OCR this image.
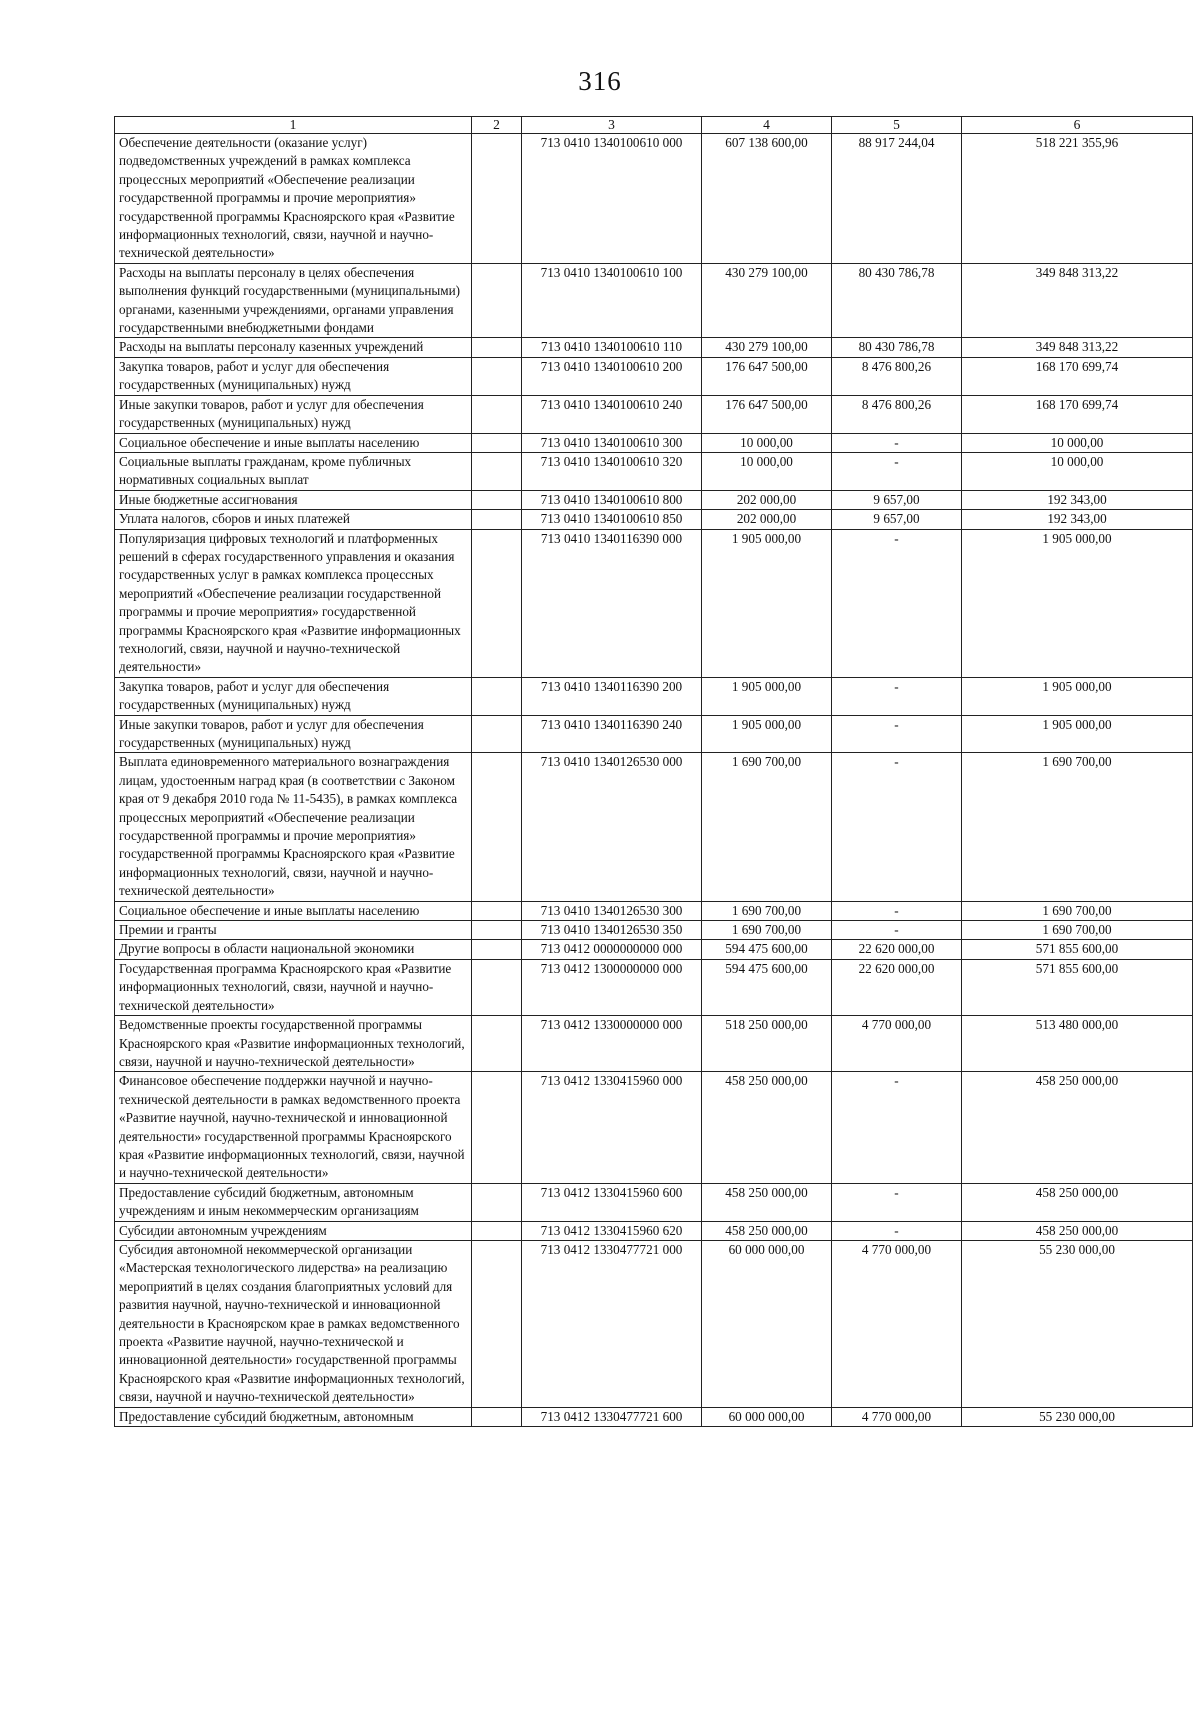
316
1	2	3	4	5	6
Обеспечение деятельности (оказание услуг) подведомственных учреждений в рамках комплекса процессных мероприятий «Обеспечение реализации государственной программы и прочие мероприятия» государственной программы Красноярского края «Развитие информационных технологий, связи, научной и научно-технической деятельности»		713 0410 1340100610 000	607 138 600,00	88 917 244,04	518 221 355,96
Расходы на выплаты персоналу в целях обеспечения выполнения функций государственными (муниципальными) органами, казенными учреждениями, органами управления государственными внебюджетными фондами		713 0410 1340100610 100	430 279 100,00	80 430 786,78	349 848 313,22
Расходы на выплаты персоналу казенных учреждений		713 0410 1340100610 110	430 279 100,00	80 430 786,78	349 848 313,22
Закупка товаров, работ и услуг для обеспечения государственных (муниципальных) нужд		713 0410 1340100610 200	176 647 500,00	8 476 800,26	168 170 699,74
Иные закупки товаров, работ и услуг для обеспечения государственных (муниципальных) нужд		713 0410 1340100610 240	176 647 500,00	8 476 800,26	168 170 699,74
Социальное обеспечение и иные выплаты населению		713 0410 1340100610 300	10 000,00	-	10 000,00
Социальные выплаты гражданам, кроме публичных нормативных социальных выплат		713 0410 1340100610 320	10 000,00	-	10 000,00
Иные бюджетные ассигнования		713 0410 1340100610 800	202 000,00	9 657,00	192 343,00
Уплата налогов, сборов и иных платежей		713 0410 1340100610 850	202 000,00	9 657,00	192 343,00
Популяризация цифровых технологий и платформенных решений в сферах государственного управления и оказания государственных услуг в рамках комплекса процессных мероприятий «Обеспечение реализации государственной программы и прочие мероприятия» государственной программы Красноярского края «Развитие информационных технологий, связи, научной и научно-технической деятельности»		713 0410 1340116390 000	1 905 000,00	-	1 905 000,00
Закупка товаров, работ и услуг для обеспечения государственных (муниципальных) нужд		713 0410 1340116390 200	1 905 000,00	-	1 905 000,00
Иные закупки товаров, работ и услуг для обеспечения государственных (муниципальных) нужд		713 0410 1340116390 240	1 905 000,00	-	1 905 000,00
Выплата единовременного материального вознаграждения лицам, удостоенным наград края (в соответствии с Законом края от 9 декабря 2010 года № 11-5435), в рамках комплекса процессных мероприятий «Обеспечение реализации государственной программы и прочие мероприятия» государственной программы Красноярского края «Развитие информационных технологий, связи, научной и научно-технической деятельности»		713 0410 1340126530 000	1 690 700,00	-	1 690 700,00
Социальное обеспечение и иные выплаты населению		713 0410 1340126530 300	1 690 700,00	-	1 690 700,00
Премии и гранты		713 0410 1340126530 350	1 690 700,00	-	1 690 700,00
Другие вопросы в области национальной экономики		713 0412 0000000000 000	594 475 600,00	22 620 000,00	571 855 600,00
Государственная программа Красноярского края «Развитие информационных технологий, связи, научной и научно-технической деятельности»		713 0412 1300000000 000	594 475 600,00	22 620 000,00	571 855 600,00
Ведомственные проекты государственной программы Красноярского края «Развитие информационных технологий, связи, научной и научно-технической деятельности»		713 0412 1330000000 000	518 250 000,00	4 770 000,00	513 480 000,00
Финансовое обеспечение поддержки научной и научно-технической деятельности в рамках ведомственного проекта «Развитие научной, научно-технической и инновационной деятельности» государственной программы Красноярского края «Развитие информационных технологий, связи, научной и научно-технической деятельности»		713 0412 1330415960 000	458 250 000,00	-	458 250 000,00
Предоставление субсидий бюджетным, автономным учреждениям и иным некоммерческим организациям		713 0412 1330415960 600	458 250 000,00	-	458 250 000,00
Субсидии автономным учреждениям		713 0412 1330415960 620	458 250 000,00	-	458 250 000,00
Субсидия автономной некоммерческой организации «Мастерская технологического лидерства» на реализацию мероприятий в целях создания благоприятных условий для развития научной, научно-технической и инновационной деятельности в Красноярском крае в рамках ведомственного проекта «Развитие научной, научно-технической и инновационной деятельности» государственной программы Красноярского края «Развитие информационных технологий, связи, научной и научно-технической деятельности»		713 0412 1330477721 000	60 000 000,00	4 770 000,00	55 230 000,00
Предоставление субсидий бюджетным, автономным		713 0412 1330477721 600	60 000 000,00	4 770 000,00	55 230 000,00
